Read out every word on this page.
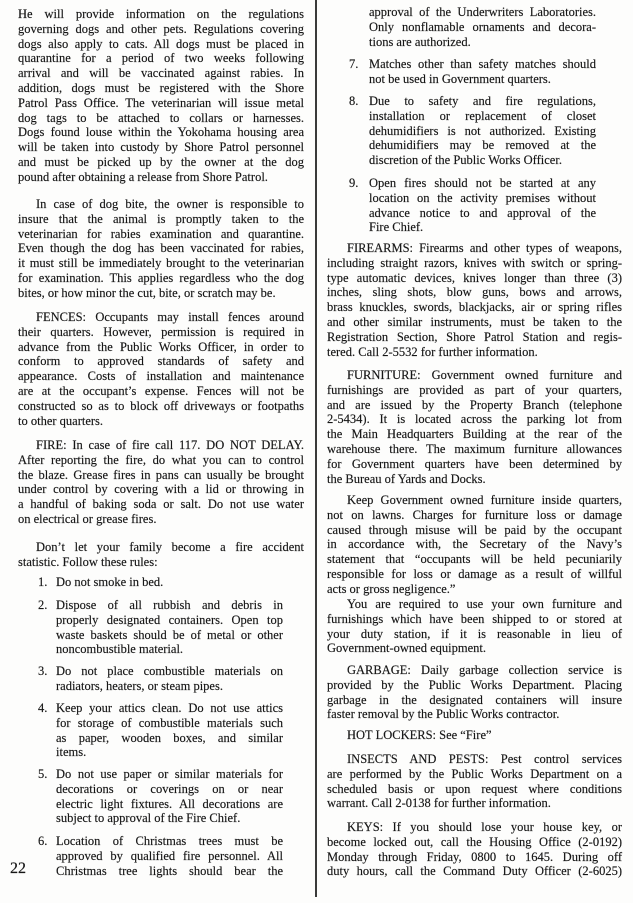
He will provide information on the regulations
governing dogs and other pets. Regulations covering
dogs also apply to cats. All dogs must be placed in
quarantine for a period of two weeks following
arrival and will be vaccinated against rabies. In
addition, dogs must be registered with the Shore
Patrol Pass Office. The veterinarian will issue metal
dog tags to be attached to collars or harnesses.
Dogs found louse within the Yokohama housing area
will be taken into custody by Shore Patrol personnel
and must be picked up by the owner at the dog
pound after obtaining a release from Shore Patrol.
In case of dog bite, the owner is responsible to
insure that the animal is promptly taken to the
veterinarian for rabies examination and quarantine.
Even though the dog has been vaccinated for rabies,
it must still be immediately brought to the veterinarian
for examination. This applies regardless who the dog
bites, or how minor the cut, bite, or scratch may be.
FENCES: Occupants may install fences around
their quarters. However, permission is required in
advance from the Public Works Officer, in order to
conform to approved standards of safety and
appearance. Costs of installation and maintenance
are at the occupant’s expense. Fences will not be
constructed so as to block off driveways or footpaths
to other quarters.
FIRE: In case of fire call 117. DO NOT DELAY.
After reporting the fire, do what you can to control
the blaze. Grease fires in pans can usually be brought
under control by covering with a lid or throwing in
a handful of baking soda or salt. Do not use water
on electrical or grease fires.
Don’t let your family become a fire accident
statistic. Follow these rules:
1. Do not smoke in bed.
2. Dispose of all rubbish and debris in
properly designated containers. Open top
waste baskets should be of metal or other
noncombustible material.
3. Do not place combustible materials on
radiators, heaters, or steam pipes.
4. Keep your attics clean. Do not use attics
for storage of combustible materials such
as paper, wooden boxes, and similar
items.
5. Do not use paper or similar materials for
decorations or coverings on or near
electric light fixtures. All decorations are
subject to approval of the Fire Chief.
6. Location of Christmas trees must be
approved by qualified fire personnel. All
Christmas tree lights should bear the
22
approval of the Underwriters Laboratories.
Only nonflamable ornaments and decora-
tions are authorized.
7. Matches other than safety matches should
not be used in Government quarters.
8. Due to safety and fire regulations,
installation or replacement of closet
dehumidifiers is not authorized. Existing
dehumidifiers may be removed at the
discretion of the Public Works Officer.
9. Open fires should not be started at any
location on the activity premises without
advance notice to and approval of the
Fire Chief.
FIREARMS: Firearms and other types of weapons,
including straight razors, knives with switch or spring-
type automatic devices, knives longer than three (3)
inches, sling shots, blow guns, bows and arrows,
brass knuckles, swords, blackjacks, air or spring rifles
and other similar instruments, must be taken to the
Registration Section, Shore Patrol Station and regis-
tered. Call 2-5532 for further information.
FURNITURE: Government owned furniture and
furnishings are provided as part of your quarters,
and are issued by the Property Branch (telephone
2-5434). It is located across the parking lot from
the Main Headquarters Building at the rear of the
warehouse there. The maximum furniture allowances
for Government quarters have been determined by
the Bureau of Yards and Docks.
Keep Government owned furniture inside quarters,
not on lawns. Charges for furniture loss or damage
caused through misuse will be paid by the occupant
in accordance with, the Secretary of the Navy’s
statement that “occupants will be held pecuniarily
responsible for loss or damage as a result of willful
acts or gross negligence.”
You are required to use your own furniture and
furnishings which have been shipped to or stored at
your duty station, if it is reasonable in lieu of
Government-owned equipment.
GARBAGE: Daily garbage collection service is
provided by the Public Works Department. Placing
garbage in the designated containers will insure
faster removal by the Public Works contractor.
HOT LOCKERS: See “Fire”
INSECTS AND PESTS: Pest control services
are performed by the Public Works Department on a
scheduled basis or upon request where conditions
warrant. Call 2-0138 for further information.
KEYS: If you should lose your house key, or
become locked out, call the Housing Office (2-0192)
Monday through Friday, 0800 to 1645. During off
duty hours, call the Command Duty Officer (2-6025)
